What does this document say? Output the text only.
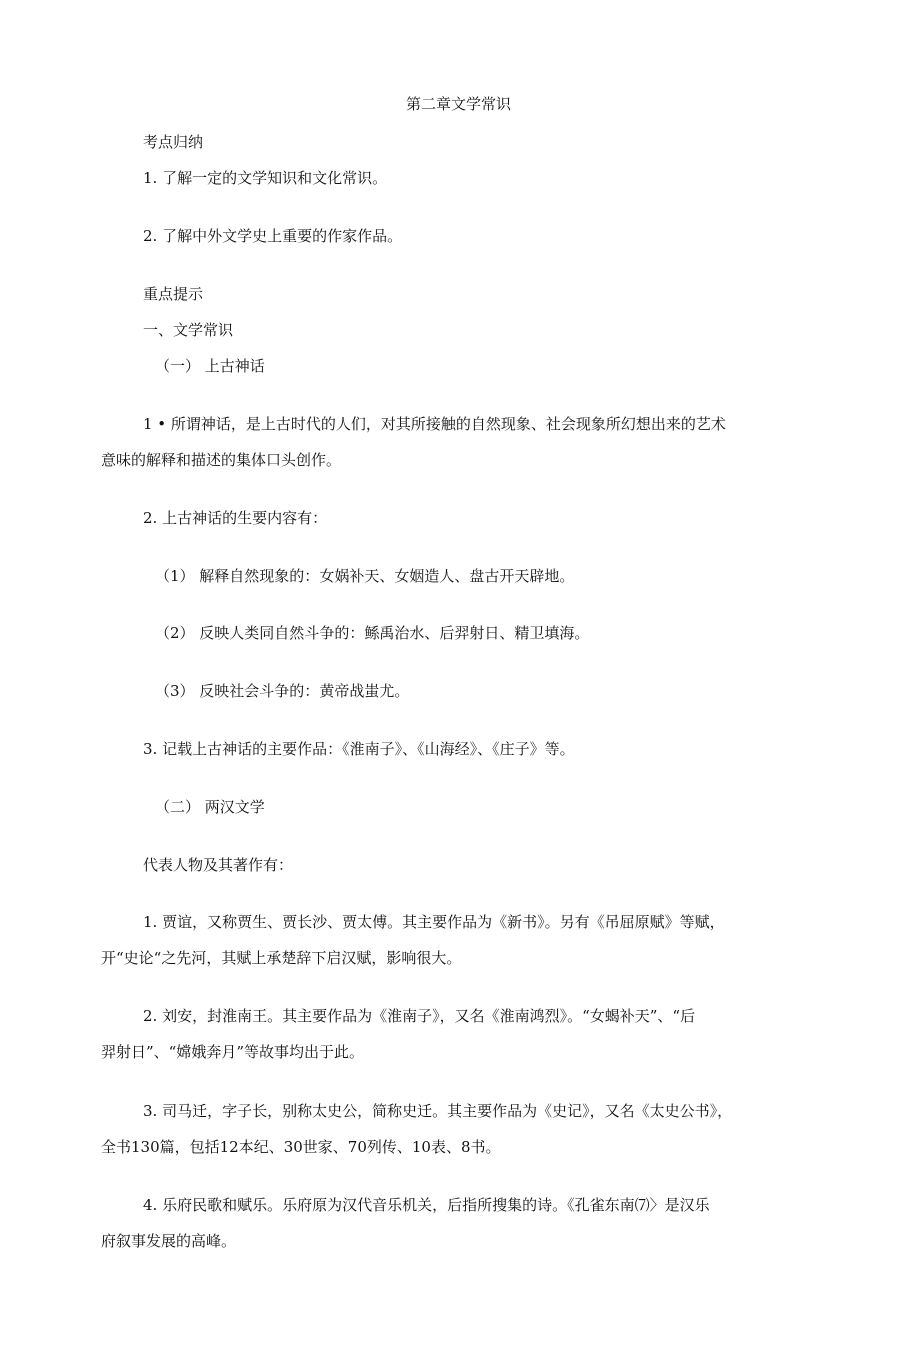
第二章文学常识
考点归纳
1. 了解一定的文学知识和文化常识。
2. 了解中外文学史上重要的作家作品。
重点提示
一、文学常识
（一） 上古神话
1 • 所谓神话，是上古时代的人们，对其所接触的自然现象、社会现象所幻想出来的艺术
意味的解释和描述的集体口头创作。
2. 上古神话的生要内容有：
（1） 解释自然现象的：女娲补天、女姻造人、盘古开天辟地。
（2） 反映人类同自然斗争的：鲧禹治水、后羿射日、精卫填海。
（3） 反映社会斗争的：黄帝战蚩尤。
3. 记载上古神话的主要作品：《淮南子》、《山海经》、《庄子》等。
（二） 两汉文学
代表人物及其著作有：
1. 贾谊，又称贾生、贾长沙、贾太傅。其主要作品为《新书》。另有《吊屈原赋》等赋，
开“史论“之先河，其赋上承楚辞下启汉赋，影响很大。
2. 刘安，封淮南王。其主要作品为《淮南子》，又名《淮南鸿烈》。“女蝎补天”、“后
羿射日”、“嫦娥奔月”等故事均出于此。
3. 司马迁，字子长，别称太史公，简称史迁。其主要作品为《史记》，又名《太史公书》，
全书130篇，包括12本纪、30世家、70列传、10表、8书。
4. 乐府民歌和赋乐。乐府原为汉代音乐机关，后指所搜集的诗。《孔雀东南⑺〉是汉乐
府叙事发展的高峰。
